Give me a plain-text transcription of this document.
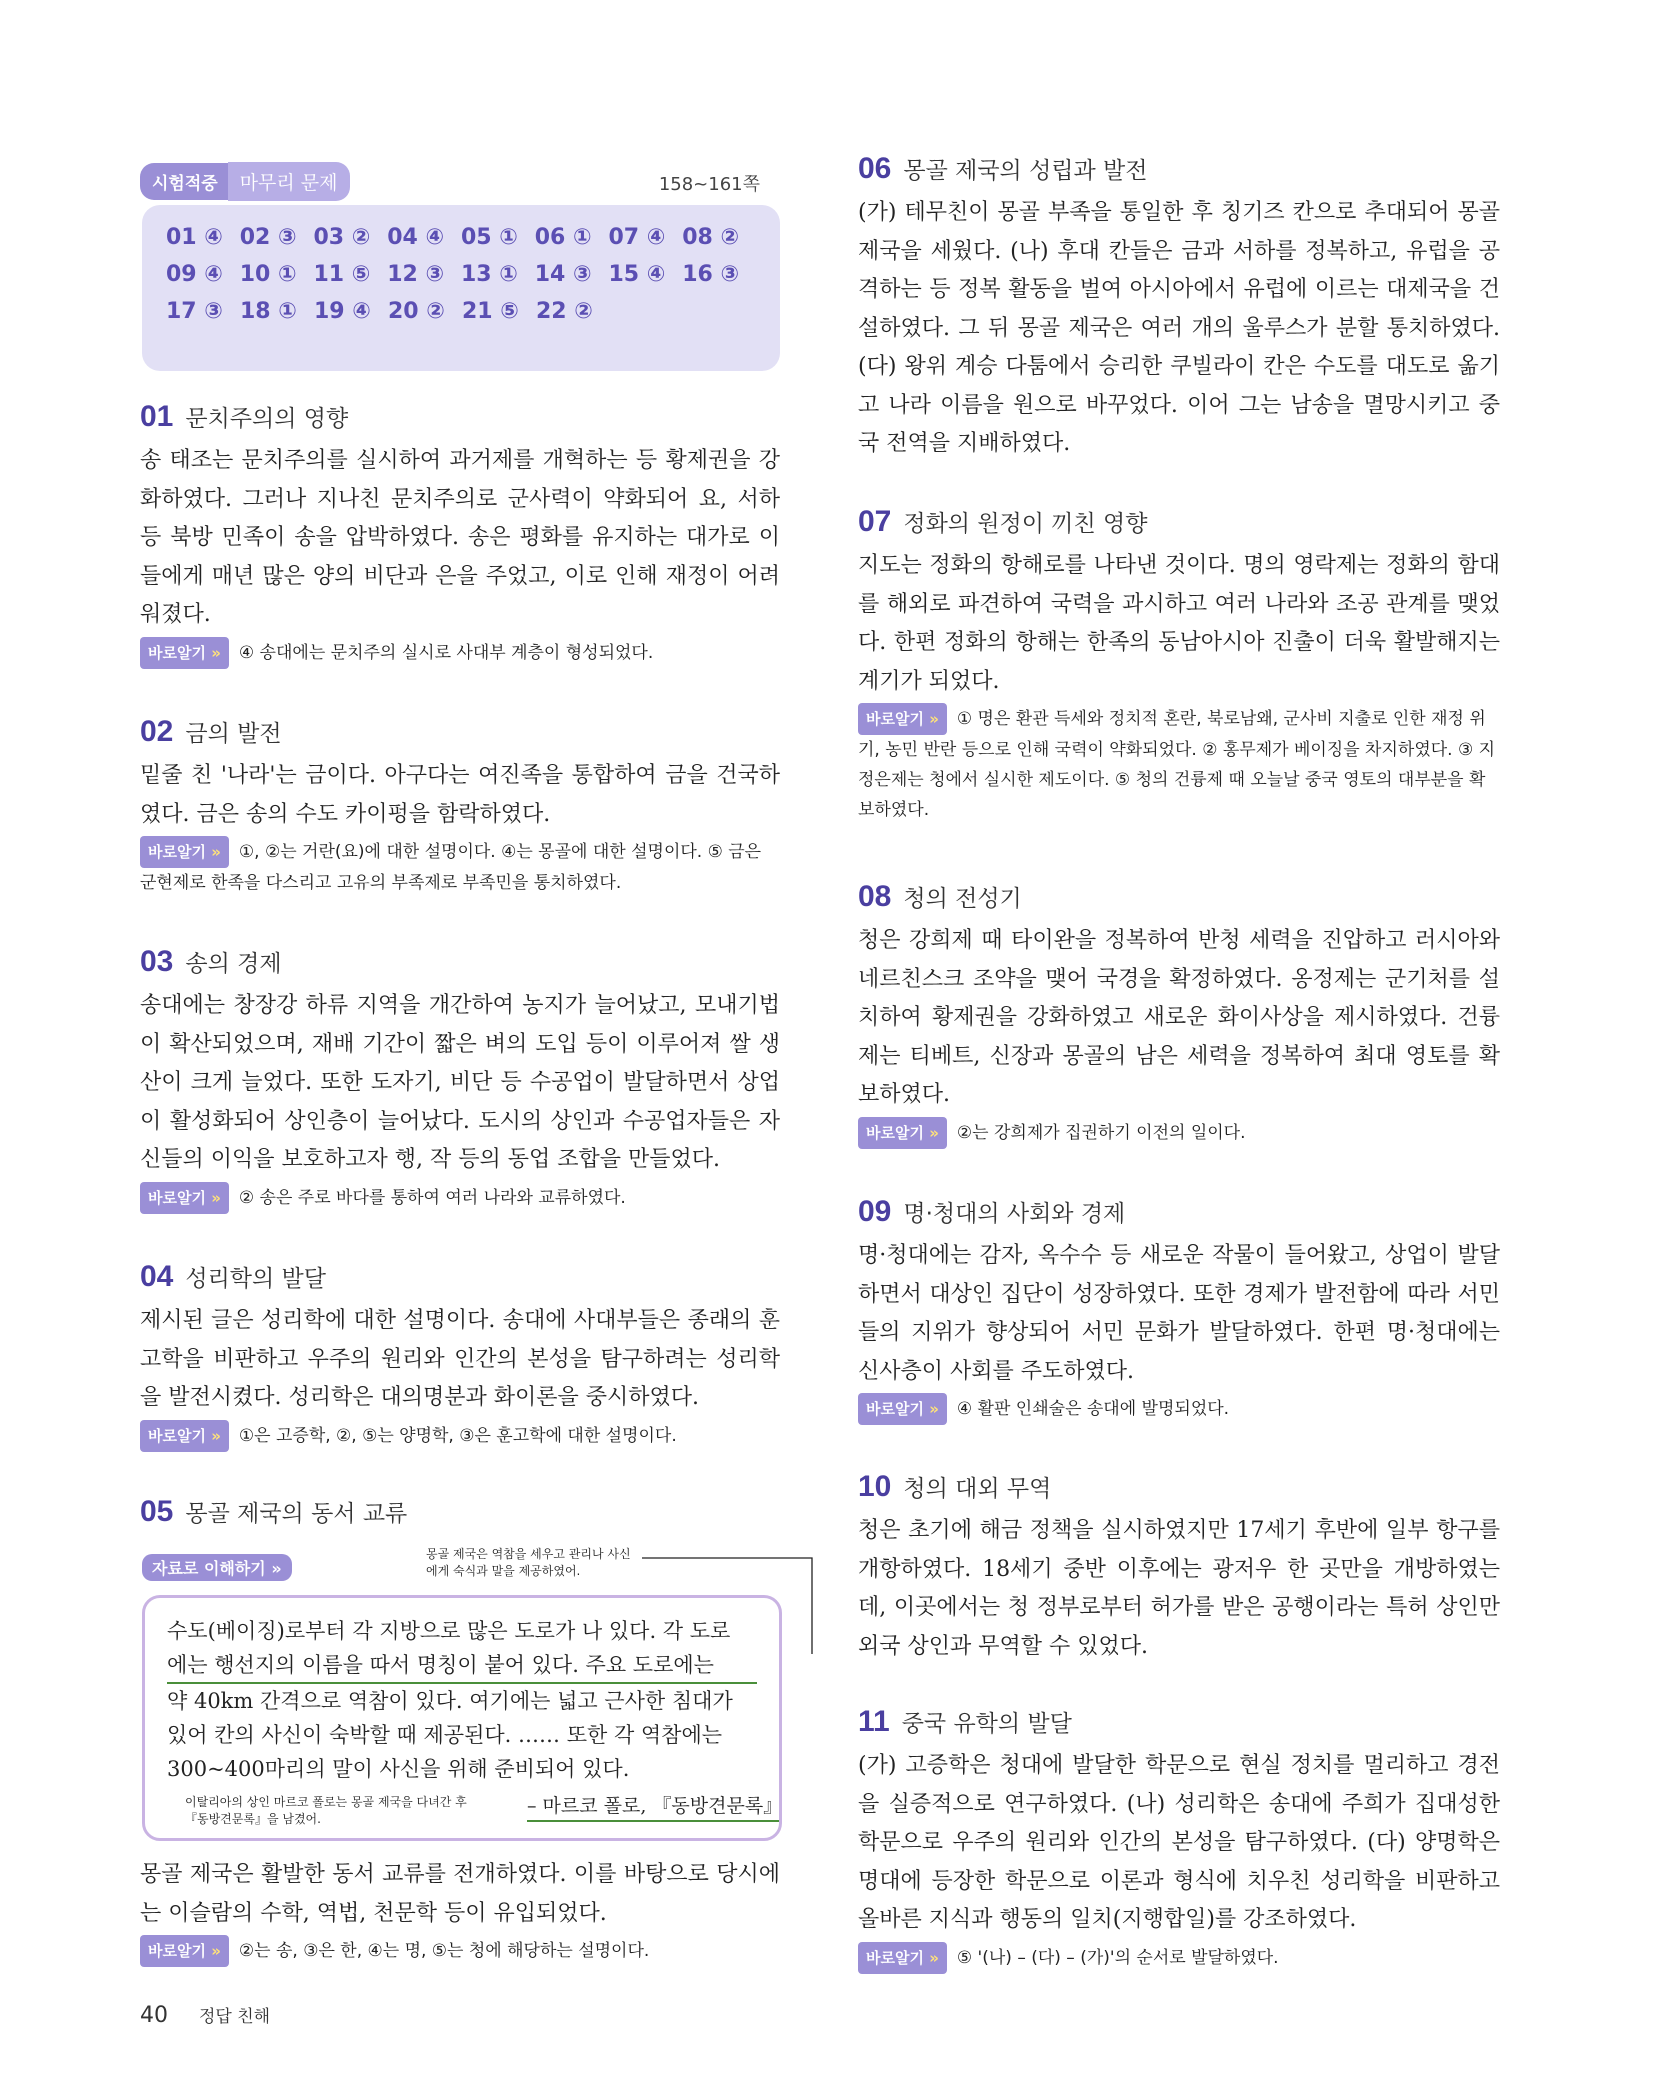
시험적중	마무리 문제	158~161쪽
01 ④ 02 ③ 03 ② 04 ④ 05 ① 06 ① 07 ④ 08 ②
09 ④ 10 ① 11 ⑤ 12 ③ 13 ① 14 ③ 15 ④ 16 ③
17 ③ 18 ① 19 ④ 20 ② 21 ⑤ 22 ②
01 문치주의의 영향
송 태조는 문치주의를 실시하여 과거제를 개혁하는 등 황제권을 강화하였다. 그러나 지나친 문치주의로 군사력이 약화되어 요, 서하 등 북방 민족이 송을 압박하였다. 송은 평화를 유지하는 대가로 이들에게 매년 많은 양의 비단과 은을 주었고, 이로 인해 재정이 어려워졌다.
바로알기 » ④ 송대에는 문치주의 실시로 사대부 계층이 형성되었다.
02 금의 발전
밑줄 친 '나라'는 금이다. 아구다는 여진족을 통합하여 금을 건국하였다. 금은 송의 수도 카이펑을 함락하였다.
바로알기 » ①, ②는 거란(요)에 대한 설명이다. ④는 몽골에 대한 설명이다. ⑤ 금은 군현제로 한족을 다스리고 고유의 부족제로 부족민을 통치하였다.
03 송의 경제
송대에는 창장강 하류 지역을 개간하여 농지가 늘어났고, 모내기법이 확산되었으며, 재배 기간이 짧은 벼의 도입 등이 이루어져 쌀 생산이 크게 늘었다. 또한 도자기, 비단 등 수공업이 발달하면서 상업이 활성화되어 상인층이 늘어났다. 도시의 상인과 수공업자들은 자신들의 이익을 보호하고자 행, 작 등의 동업 조합을 만들었다.
바로알기 » ② 송은 주로 바다를 통하여 여러 나라와 교류하였다.
04 성리학의 발달
제시된 글은 성리학에 대한 설명이다. 송대에 사대부들은 종래의 훈고학을 비판하고 우주의 원리와 인간의 본성을 탐구하려는 성리학을 발전시켰다. 성리학은 대의명분과 화이론을 중시하였다.
바로알기 » ①은 고증학, ②, ⑤는 양명학, ③은 훈고학에 대한 설명이다.
05 몽골 제국의 동서 교류
자료로 이해하기 »
몽골 제국은 역참을 세우고 관리나 사신에게 숙식과 말을 제공하였어.
수도(베이징)로부터 각 지방으로 많은 도로가 나 있다. 각 도로
에는 행선지의 이름을 따서 명칭이 붙어 있다. 주요 도로에는
약 40km 간격으로 역참이 있다. 여기에는 넓고 근사한 침대가
있어 칸의 사신이 숙박할 때 제공된다. …… 또한 각 역참에는
300~400마리의 말이 사신을 위해 준비되어 있다.
이탈리아의 상인 마르코 폴로는 몽골 제국을 다녀간 후 『동방견문록』을 남겼어.
– 마르코 폴로, 『동방견문록』
몽골 제국은 활발한 동서 교류를 전개하였다. 이를 바탕으로 당시에는 이슬람의 수학, 역법, 천문학 등이 유입되었다.
바로알기 » ②는 송, ③은 한, ④는 명, ⑤는 청에 해당하는 설명이다.
06 몽골 제국의 성립과 발전
(가) 테무친이 몽골 부족을 통일한 후 칭기즈 칸으로 추대되어 몽골 제국을 세웠다. (나) 후대 칸들은 금과 서하를 정복하고, 유럽을 공격하는 등 정복 활동을 벌여 아시아에서 유럽에 이르는 대제국을 건설하였다. 그 뒤 몽골 제국은 여러 개의 울루스가 분할 통치하였다. (다) 왕위 계승 다툼에서 승리한 쿠빌라이 칸은 수도를 대도로 옮기고 나라 이름을 원으로 바꾸었다. 이어 그는 남송을 멸망시키고 중국 전역을 지배하였다.
07 정화의 원정이 끼친 영향
지도는 정화의 항해로를 나타낸 것이다. 명의 영락제는 정화의 함대를 해외로 파견하여 국력을 과시하고 여러 나라와 조공 관계를 맺었다. 한편 정화의 항해는 한족의 동남아시아 진출이 더욱 활발해지는 계기가 되었다.
바로알기 » ① 명은 환관 득세와 정치적 혼란, 북로남왜, 군사비 지출로 인한 재정 위기, 농민 반란 등으로 인해 국력이 약화되었다. ② 홍무제가 베이징을 차지하였다. ③ 지정은제는 청에서 실시한 제도이다. ⑤ 청의 건륭제 때 오늘날 중국 영토의 대부분을 확보하였다.
08 청의 전성기
청은 강희제 때 타이완을 정복하여 반청 세력을 진압하고 러시아와 네르친스크 조약을 맺어 국경을 확정하였다. 옹정제는 군기처를 설치하여 황제권을 강화하였고 새로운 화이사상을 제시하였다. 건륭제는 티베트, 신장과 몽골의 남은 세력을 정복하여 최대 영토를 확보하였다.
바로알기 » ②는 강희제가 집권하기 이전의 일이다.
09 명·청대의 사회와 경제
명·청대에는 감자, 옥수수 등 새로운 작물이 들어왔고, 상업이 발달하면서 대상인 집단이 성장하였다. 또한 경제가 발전함에 따라 서민들의 지위가 향상되어 서민 문화가 발달하였다. 한편 명·청대에는 신사층이 사회를 주도하였다.
바로알기 » ④ 활판 인쇄술은 송대에 발명되었다.
10 청의 대외 무역
청은 초기에 해금 정책을 실시하였지만 17세기 후반에 일부 항구를 개항하였다. 18세기 중반 이후에는 광저우 한 곳만을 개방하였는데, 이곳에서는 청 정부로부터 허가를 받은 공행이라는 특허 상인만 외국 상인과 무역할 수 있었다.
11 중국 유학의 발달
(가) 고증학은 청대에 발달한 학문으로 현실 정치를 멀리하고 경전을 실증적으로 연구하였다. (나) 성리학은 송대에 주희가 집대성한 학문으로 우주의 원리와 인간의 본성을 탐구하였다. (다) 양명학은 명대에 등장한 학문으로 이론과 형식에 치우친 성리학을 비판하고 올바른 지식과 행동의 일치(지행합일)를 강조하였다.
바로알기 » ⑤ '(나) – (다) – (가)'의 순서로 발달하였다.
40 정답 친해
